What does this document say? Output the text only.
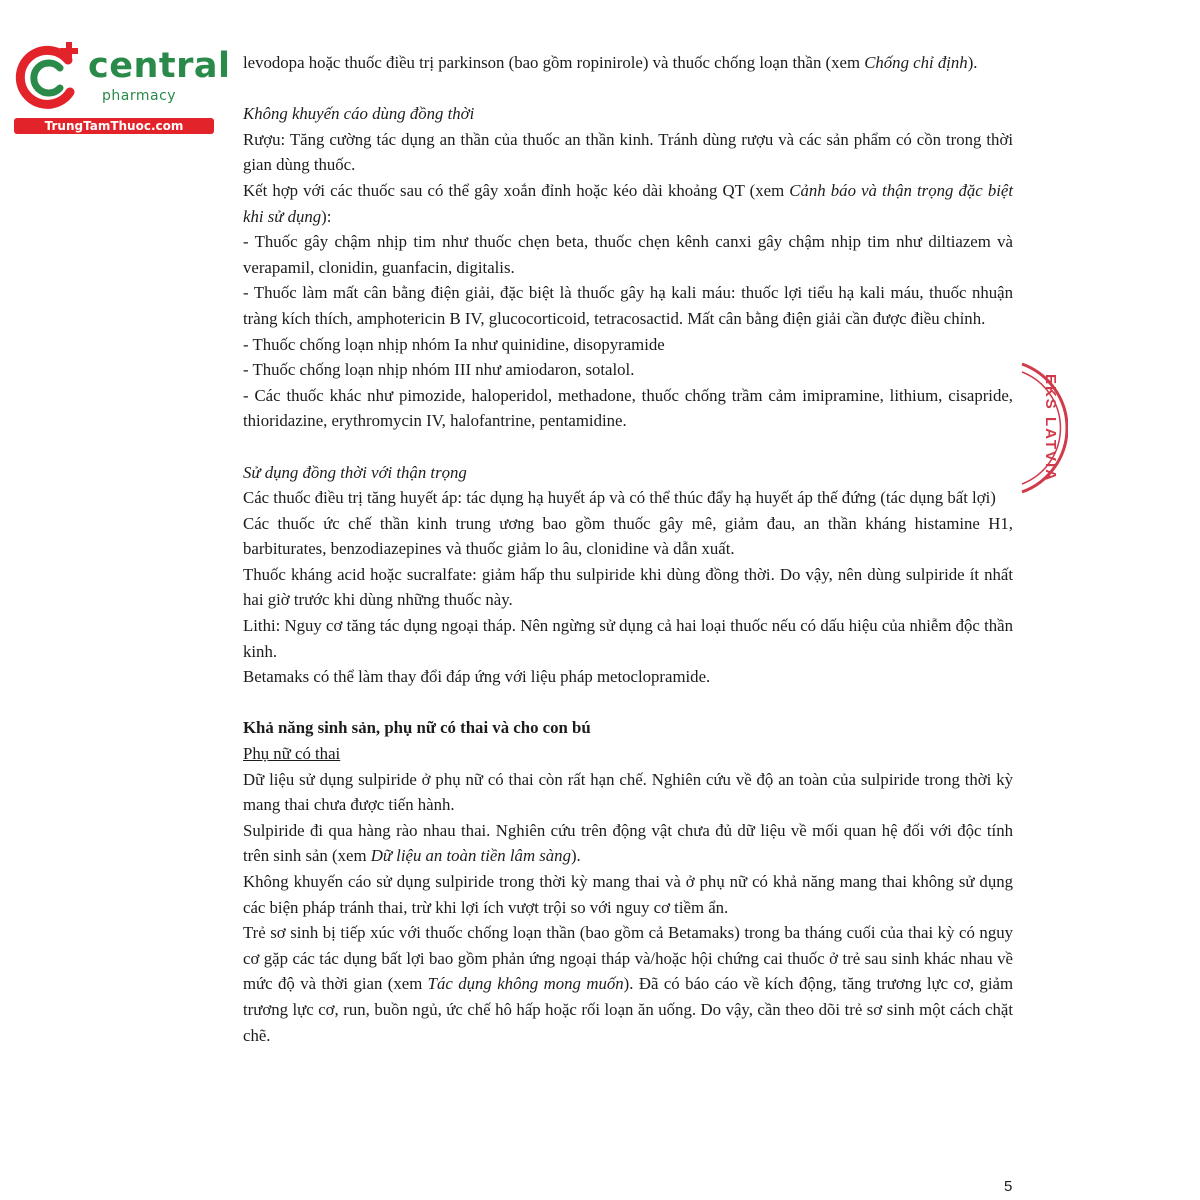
central
pharmacy
TrungTamThuoc.com

levodopa hoặc thuốc điều trị parkinson (bao gồm ropinirole) và thuốc chống loạn thần (xem Chống chỉ định).

Không khuyến cáo dùng đồng thời

Rượu: Tăng cường tác dụng an thần của thuốc an thần kinh. Tránh dùng rượu và các sản phẩm có cồn trong thời gian dùng thuốc.

Kết hợp với các thuốc sau có thể gây xoắn đỉnh hoặc kéo dài khoảng QT (xem Cảnh báo và thận trọng đặc biệt khi sử dụng):

- Thuốc gây chậm nhịp tim như thuốc chẹn beta, thuốc chẹn kênh canxi gây chậm nhịp tim như diltiazem và verapamil, clonidin, guanfacin, digitalis.

- Thuốc làm mất cân bằng điện giải, đặc biệt là thuốc gây hạ kali máu: thuốc lợi tiểu hạ kali máu, thuốc nhuận tràng kích thích, amphotericin B IV, glucocorticoid, tetracosactid. Mất cân bằng điện giải cần được điều chỉnh.

- Thuốc chống loạn nhịp nhóm Ia như quinidine, disopyramide

- Thuốc chống loạn nhịp nhóm III như amiodaron, sotalol.

- Các thuốc khác như pimozide, haloperidol, methadone, thuốc chống trầm cảm imipramine, lithium, cisapride, thioridazine, erythromycin IV, halofantrine, pentamidine.

Sử dụng đồng thời với thận trọng

Các thuốc điều trị tăng huyết áp: tác dụng hạ huyết áp và có thể thúc đẩy hạ huyết áp thế đứng (tác dụng bất lợi)

Các thuốc ức chế thần kinh trung ương bao gồm thuốc gây mê, giảm đau, an thần kháng histamine H1, barbiturates, benzodiazepines và thuốc giảm lo âu, clonidine và dẫn xuất.

Thuốc kháng acid hoặc sucralfate: giảm hấp thu sulpiride khi dùng đồng thời. Do vậy, nên dùng sulpiride ít nhất hai giờ trước khi dùng những thuốc này.

Lithi: Nguy cơ tăng tác dụng ngoại tháp. Nên ngừng sử dụng cả hai loại thuốc nếu có dấu hiệu của nhiễm độc thần kinh.

Betamaks có thể làm thay đổi đáp ứng với liệu pháp metoclopramide.

Khả năng sinh sản, phụ nữ có thai và cho con bú

Phụ nữ có thai

Dữ liệu sử dụng sulpiride ở phụ nữ có thai còn rất hạn chế. Nghiên cứu về độ an toàn của sulpiride trong thời kỳ mang thai chưa được tiến hành.

Sulpiride đi qua hàng rào nhau thai. Nghiên cứu trên động vật chưa đủ dữ liệu về mối quan hệ đối với độc tính trên sinh sản (xem Dữ liệu an toàn tiền lâm sàng).

Không khuyến cáo sử dụng sulpiride trong thời kỳ mang thai và ở phụ nữ có khả năng mang thai không sử dụng các biện pháp tránh thai, trừ khi lợi ích vượt trội so với nguy cơ tiềm ẩn.

Trẻ sơ sinh bị tiếp xúc với thuốc chống loạn thần (bao gồm cả Betamaks) trong ba tháng cuối của thai kỳ có nguy cơ gặp các tác dụng bất lợi bao gồm phản ứng ngoại tháp và/hoặc hội chứng cai thuốc ở trẻ sau sinh khác nhau về mức độ và thời gian (xem Tác dụng không mong muốn). Đã có báo cáo về kích động, tăng trương lực cơ, giảm trương lực cơ, run, buồn ngủ, ức chế hô hấp hoặc rối loạn ăn uống. Do vậy, cần theo dõi trẻ sơ sinh một cách chặt chẽ.

EKS LATVIA
5
